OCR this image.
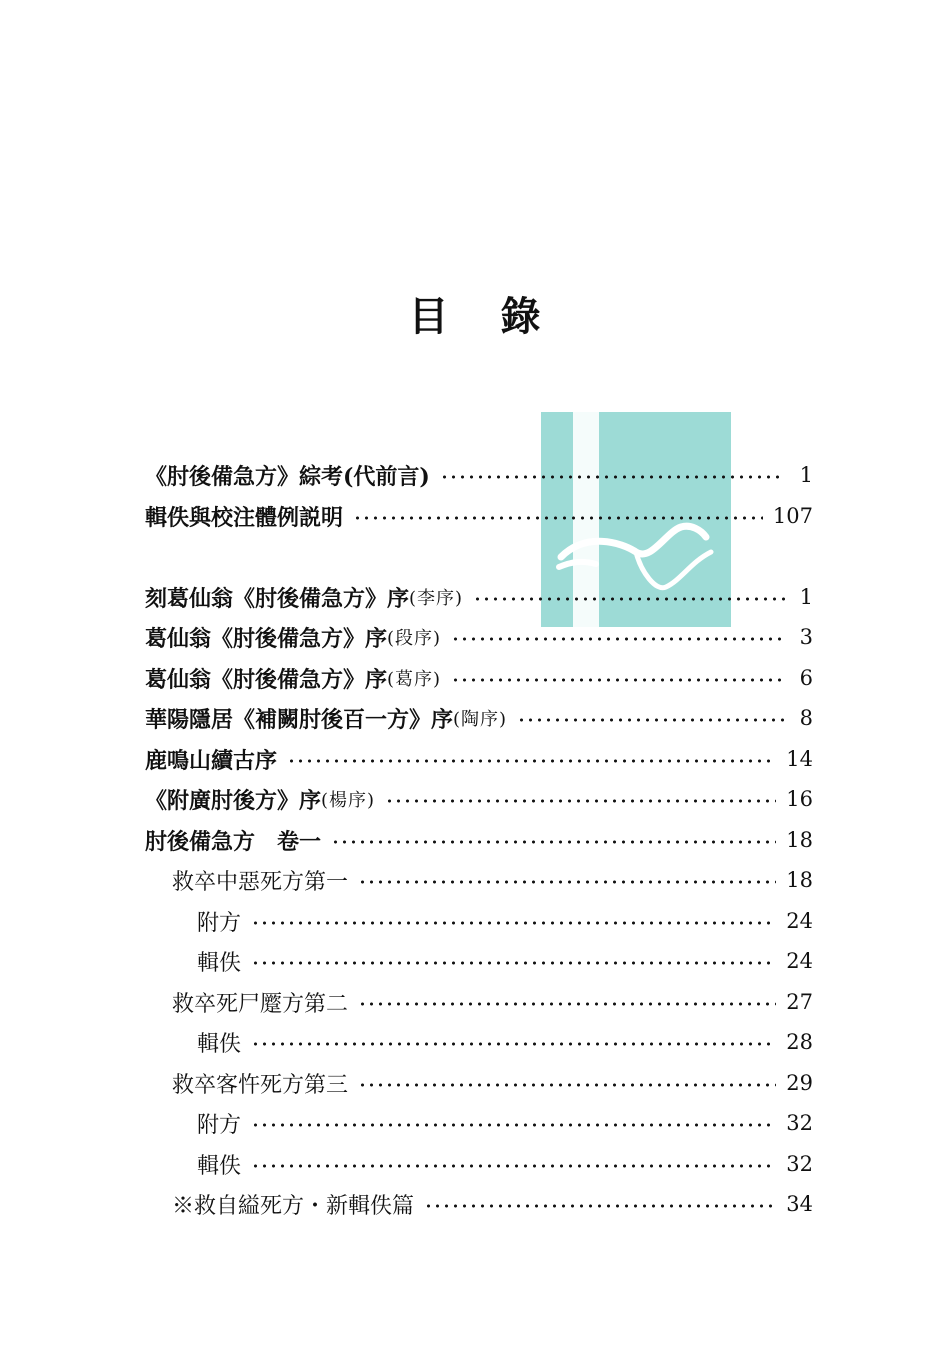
目 錄
《肘後備急方》綜考(代前言)	1
輯佚與校注體例説明	107
刻葛仙翁《肘後備急方》序 (李序)	1
葛仙翁《肘後備急方》序 (段序)	3
葛仙翁《肘後備急方》序 (葛序)	6
華陽隱居《補闕肘後百一方》序 (陶序)	8
鹿鳴山續古序	14
《附廣肘後方》序 (楊序)	16
肘後備急方　卷一	18
救卒中惡死方第一	18
附方	24
輯佚	24
救卒死尸蹷方第二	27
輯佚	28
救卒客忤死方第三	29
附方	32
輯佚	32
※救自縊死方・新輯佚篇	34
